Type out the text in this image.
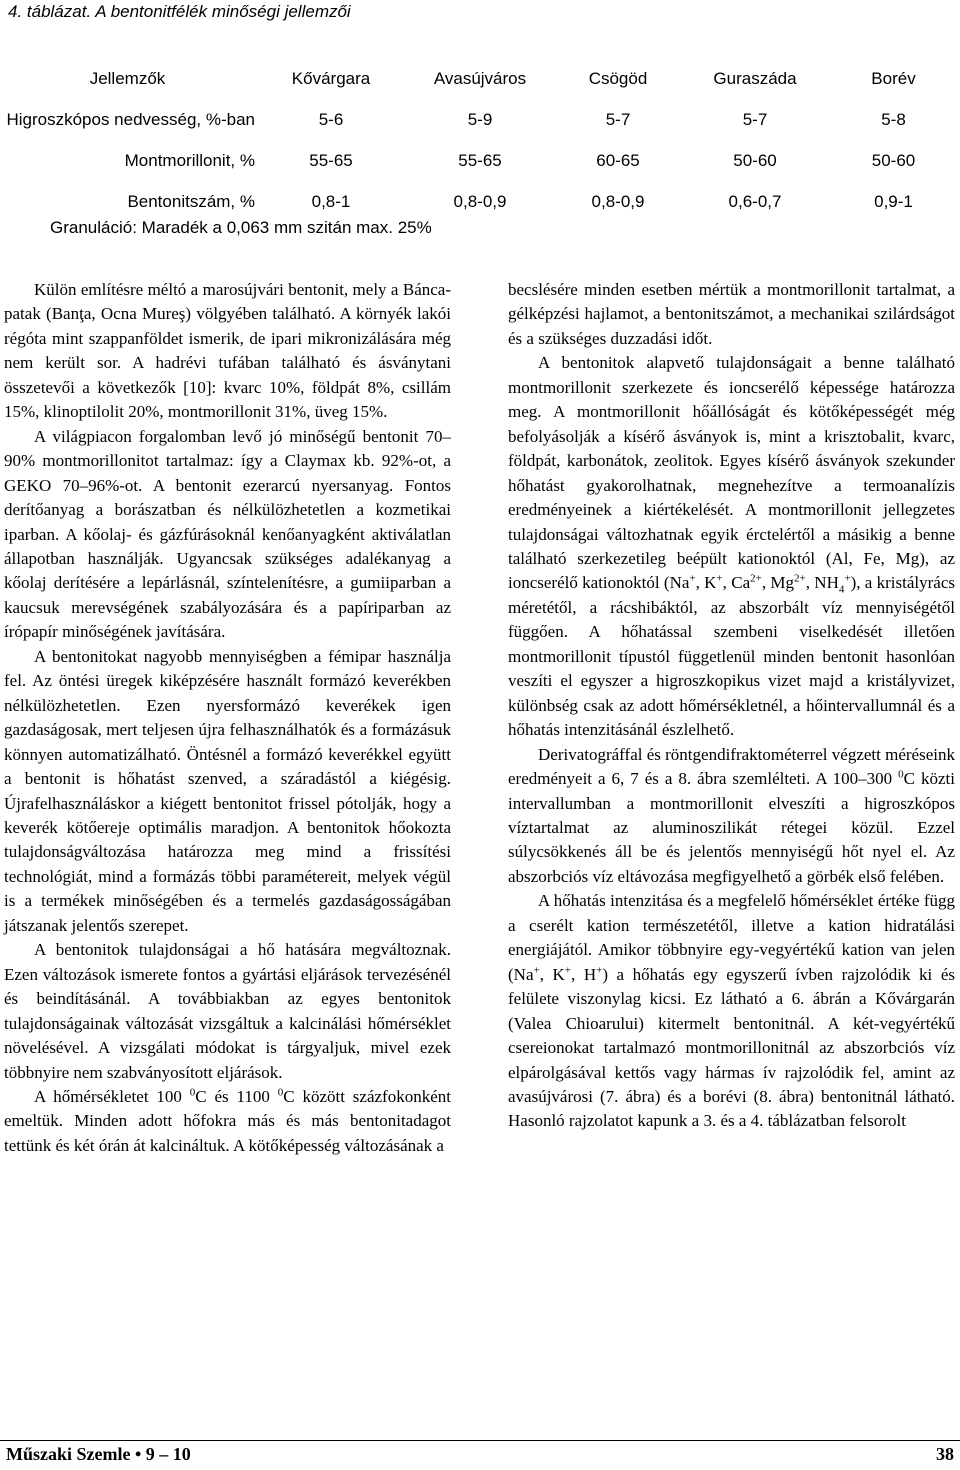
4. táblázat. A bentonitfélék minőségi jellemzői
Jellemzők	Kővárgara	Avasújváros	Csögöd	Guraszáda	Borév
Higroszkópos nedvesség, %-ban	5-6	5-9	5-7	5-7	5-8
Montmorillonit, %	55-65	55-65	60-65	50-60	50-60
Bentonitszám, %	0,8-1	0,8-0,9	0,8-0,9	0,6-0,7	0,9-1
Granuláció: Maradék a 0,063 mm szitán max. 25%

Külön említésre méltó a marosújvári bentonit, mely a Bánca-patak (Banţa, Ocna Mureş) völgyében található. A környék lakói régóta mint szappanföldet ismerik, de ipari mikronizálására még nem került sor. A hadrévi tufában található és ásványtani összetevői a következők [10]: kvarc 10%, földpát 8%, csillám 15%, klinoptilolit 20%, montmorillonit 31%, üveg 15%.

A világpiacon forgalomban levő jó minőségű bentonit 70–90% montmorillonitot tartalmaz: így a Claymax kb. 92%-ot, a GEKO 70–96%-ot. A bentonit ezerarcú nyersanyag. Fontos derítőanyag a borászatban és nélkülözhetetlen a kozmetikai iparban. A kőolaj- és gázfúrásoknál kenőanyagként aktiválatlan állapotban használják. Ugyancsak szükséges adalékanyag a kőolaj derítésére a lepárlásnál, színtelenítésre, a gumiiparban a kaucsuk merevségének szabályozására és a papíriparban az írópapír minőségének javítására.

A bentonitokat nagyobb mennyiségben a fémipar használja fel. Az öntési üregek kiképzésére használt formázó keverékben nélkülözhetetlen. Ezen nyersformázó keverékek igen gazdaságosak, mert teljesen újra felhasználhatók és a formázásuk könnyen automatizálható. Öntésnél a formázó keverékkel együtt a bentonit is hőhatást szenved, a száradástól a kiégésig. Újrafelhasználáskor a kiégett bentonitot frissel pótolják, hogy a keverék kötőereje optimális maradjon. A bentonitok hőokozta tulajdonságváltozása határozza meg mind a frissítési technológiát, mind a formázás többi paramétereit, melyek végül is a termékek minőségében és a termelés gazdaságosságában játszanak jelentős szerepet.

A bentonitok tulajdonságai a hő hatására megváltoznak. Ezen változások ismerete fontos a gyártási eljárások tervezésénél és beindításánál. A továbbiakban az egyes bentonitok tulajdonságainak változását vizsgáltuk a kalcinálási hőmérséklet növelésével. A vizsgálati módokat is tárgyaljuk, mivel ezek többnyire nem szabványosított eljárások.

A hőmérsékletet 100 $^0$C és 1100 $^0$C között százfokonként emeltük. Minden adott hőfokra más és más bentonitadagot tettünk és két órán át kalcináltuk. A kötőképesség változásának a

becslésére minden esetben mértük a montmorillonit tartalmat, a gélképzési hajlamot, a bentonitszámot, a mechanikai szilárdságot és a szükséges duzzadási időt.

A bentonitok alapvető tulajdonságait a benne található montmorillonit szerkezete és ioncserélő képessége határozza meg. A montmorillonit hőállóságát és kötőképességét még befolyásolják a kísérő ásványok is, mint a krisztobalit, kvarc, földpát, karbonátok, zeolitok. Egyes kísérő ásványok szekunder hőhatást gyakorolhatnak, megnehezítve a termoanalízis eredményeinek a kiértékelését. A montmorillonit jellegzetes tulajdonságai változhatnak egyik érctelértől a másikig a benne található szerkezetileg beépült kationoktól (Al, Fe, Mg), az ioncserélő kationoktól (Na+, K+, $Ca^{2+}$, $Mg^{2+}$, $NH_4^+$), a kristályrács méretétől, a rácshibáktól, az abszorbált víz mennyiségétől függően. A hőhatással szembeni viselkedését illetően montmorillonit típustól függetlenül minden bentonit hasonlóan veszíti el egyszer a higroszkopikus vizet majd a kristályvizet, különbség csak az adott hőmérsékletnél, a hőintervallumnál és a hőhatás intenzitásánál észlelhető.

Derivatográffal és röntgendifraktométerrel végzett méréseink eredményeit a 6, 7 és a 8. ábra szemlélteti. A 100–300 $^0$C közti intervallumban a montmorillonit elveszíti a higroszkópos víztartalmat az aluminoszilikát rétegei közül. Ezzel súlycsökkenés áll be és jelentős mennyiségű hőt nyel el. Az abszorbciós víz eltávozása megfigyelhető a görbék első felében.

A hőhatás intenzitása és a megfelelő hőmérséklet értéke függ a cserélt kation természetétől, illetve a kation hidratálási energiájától. Amikor többnyire egy-vegyértékű kation van jelen (Na+, K+, H+) a hőhatás egy egyszerű ívben rajzolódik ki és felülete viszonylag kicsi. Ez látható a 6. ábrán a Kővárgarán (Valea Chioarului) kitermelt bentonitnál. A két-vegyértékű csereionokat tartalmazó montmorillonitnál az abszorbciós víz elpárolgásával kettős vagy hármas ív rajzolódik fel, amint az avasújvárosi (7. ábra) és a borévi (8. ábra) bentonitnál látható. Hasonló rajzolatot kapunk a 3. és a 4. táblázatban felsorolt

Műszaki Szemle • 9 – 10	38
